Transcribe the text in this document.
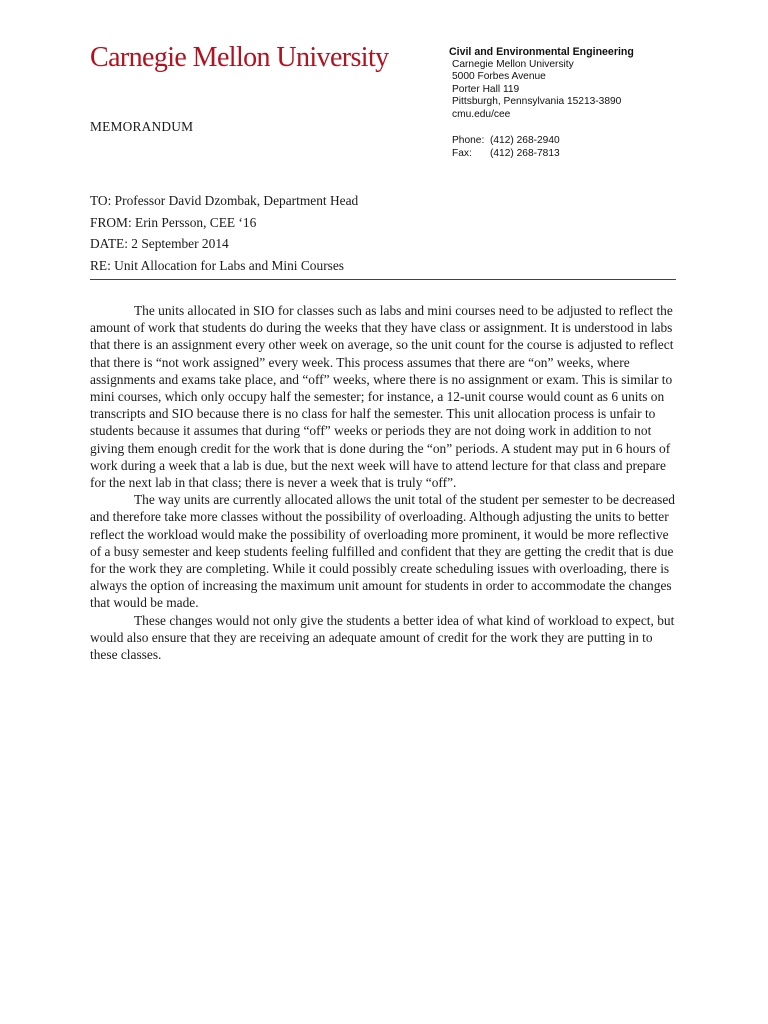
Carnegie Mellon University	Civil and Environmental Engineering
Carnegie Mellon University
5000 Forbes Avenue
Porter Hall 119
Pittsburgh, Pennsylvania 15213-3890
cmu.edu/cee
Phone: (412) 268-2940
Fax: (412) 268-7813
MEMORANDUM
TO: Professor David Dzombak, Department Head
FROM: Erin Persson, CEE ‘16
DATE: 2 September 2014
RE: Unit Allocation for Labs and Mini Courses

The units allocated in SIO for classes such as labs and mini courses need to be adjusted to reflect the amount of work that students do during the weeks that they have class or assignment. It is understood in labs that there is an assignment every other week on average, so the unit count for the course is adjusted to reflect that there is “not work assigned” every week. This process assumes that there are “on” weeks, where assignments and exams take place, and “off” weeks, where there is no assignment or exam. This is similar to mini courses, which only occupy half the semester; for instance, a 12-unit course would count as 6 units on transcripts and SIO because there is no class for half the semester. This unit allocation process is unfair to students because it assumes that during “off” weeks or periods they are not doing work in addition to not giving them enough credit for the work that is done during the “on” periods. A student may put in 6 hours of work during a week that a lab is due, but the next week will have to attend lecture for that class and prepare for the next lab in that class; there is never a week that is truly “off”.

The way units are currently allocated allows the unit total of the student per semester to be decreased and therefore take more classes without the possibility of overloading. Although adjusting the units to better reflect the workload would make the possibility of overloading more prominent, it would be more reflective of a busy semester and keep students feeling fulfilled and confident that they are getting the credit that is due for the work they are completing. While it could possibly create scheduling issues with overloading, there is always the option of increasing the maximum unit amount for students in order to accommodate the changes that would be made.

These changes would not only give the students a better idea of what kind of workload to expect, but would also ensure that they are receiving an adequate amount of credit for the work they are putting in to these classes.
